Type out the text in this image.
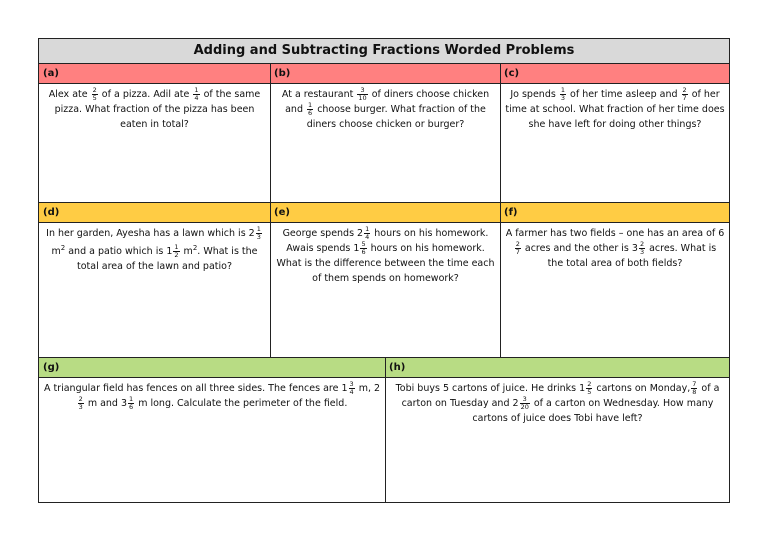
Adding and Subtracting Fractions Worded Problems
(a)	(b)	(c)
Alex ate $\frac{2}{5}$ of a pizza. Adil ate $\frac{1}{4}$ of the same pizza. What fraction of the pizza has been eaten in total?
At a restaurant $\frac{3}{10}$ of diners choose chicken and $\frac{1}{6}$ choose burger. What fraction of the diners choose chicken or burger?
Jo spends $\frac{1}{3}$ of her time asleep and $\frac{2}{7}$ of her time at school. What fraction of her time does she have left for doing other things?
(d)	(e)	(f)
In her garden, Ayesha has a lawn which is $2 \frac{1}{3}$
$m^2$ and a patio which is $1 \frac{1}{2} m^2$. What is the total area of the lawn and patio?
George spends $2 \frac{1}{4}$ hours on his homework. Awais spends $1 \frac{5}{6}$ hours on his homework. What is the difference between the time each of them spends on homework?
A farmer has two fields – one has an area of 6
$\frac{2}{7}$ acres and the other is $3 \frac{2}{3}$ acres. What is the total area of both fields?
(g)	(h)
A triangular field has fences on all three sides. The fences are $1 \frac{3}{4} m$, 2
$\frac{2}{3}$ m and $3 \frac{1}{6}$ m long. Calculate the perimeter of the field.
Tobi buys 5 cartons of juice. He drinks $1 \frac{2}{5}$ cartons on Monday, $\frac{7}{8}$ of a carton on Tuesday and $2 \frac{3}{20}$ of a carton on Wednesday. How many cartons of juice does Tobi have left?
